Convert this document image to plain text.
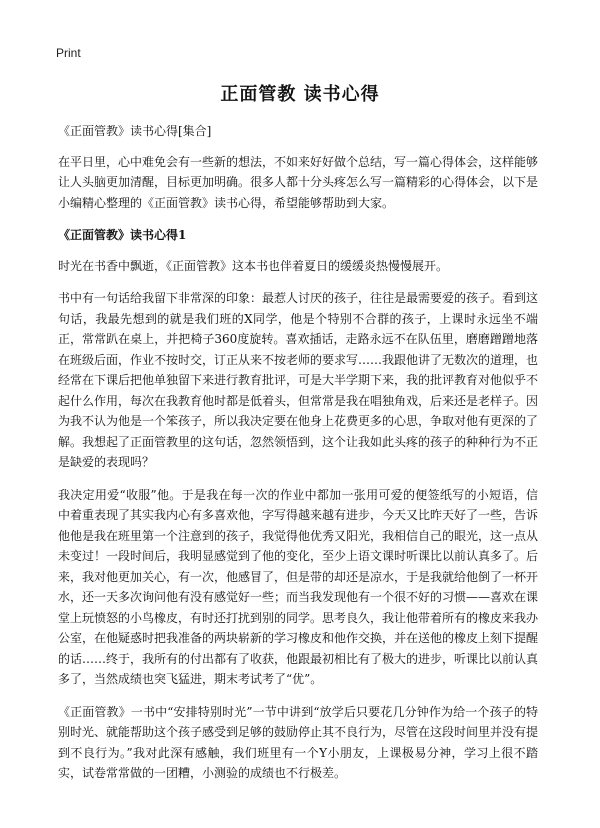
Print
正面管教 读书心得

《正面管教》读书心得[集合]

在平日里，心中难免会有一些新的想法，不如来好好做个总结，写一篇心得体会，这样能够让人头脑更加清醒，目标更加明确。很多人都十分头疼怎么写一篇精彩的心得体会，以下是小编精心整理的《正面管教》读书心得，希望能够帮助到大家。

《正面管教》读书心得1

时光在书香中飘逝，《正面管教》这本书也伴着夏日的缓缓炎热慢慢展开。

书中有一句话给我留下非常深的印象：最惹人讨厌的孩子，往往是最需要爱的孩子。看到这句话，我最先想到的就是我们班的X同学，他是个特别不合群的孩子，上课时永远坐不端正，常常趴在桌上，并把椅子360度旋转。喜欢插话，走路永远不在队伍里，磨磨蹭蹭地落在班级后面，作业不按时交，订正从来不按老师的要求写……我跟他讲了无数次的道理，也经常在下课后把他单独留下来进行教育批评，可是大半学期下来，我的批评教育对他似乎不起什么作用，每次在我教育他时都是低着头，但常常是我在唱独角戏，后来还是老样子。因为我不认为他是一个笨孩子，所以我决定要在他身上花费更多的心思，争取对他有更深的了解。我想起了正面管教里的这句话，忽然领悟到，这个让我如此头疼的孩子的种种行为不正是缺爱的表现吗？

我决定用爱“收服”他。于是我在每一次的作业中都加一张用可爱的便签纸写的小短语，信中着重表现了其实我内心有多喜欢他，字写得越来越有进步，今天又比昨天好了一些，告诉他他是我在班里第一个注意到的孩子，我觉得他优秀又阳光，我相信自己的眼光，这一点从未变过！一段时间后，我明显感觉到了他的变化，至少上语文课时听课比以前认真多了。后来，我对他更加关心，有一次，他感冒了，但是带的却还是凉水，于是我就给他倒了一杯开水，还一天多次询问他有没有感觉好一些；而当我发现他有一个很不好的习惯——喜欢在课堂上玩愤怒的小鸟橡皮，有时还打扰到别的同学。思考良久，我让他带着所有的橡皮来我办公室，在他疑惑时把我准备的两块崭新的学习橡皮和他作交换，并在送他的橡皮上刻下提醒的话……终于，我所有的付出都有了收获，他跟最初相比有了极大的进步，听课比以前认真多了，当然成绩也突飞猛进，期末考试考了“优”。

《正面管教》一书中“安排特别时光”一节中讲到“放学后只要花几分钟作为给一个孩子的特别时光、就能帮助这个孩子感受到足够的鼓励停止其不良行为，尽管在这段时间里并没有提到不良行为。”我对此深有感触，我们班里有一个Y小朋友，上课极易分神，学习上很不踏实，试卷常常做的一团糟，小测验的成绩也不行极差。
